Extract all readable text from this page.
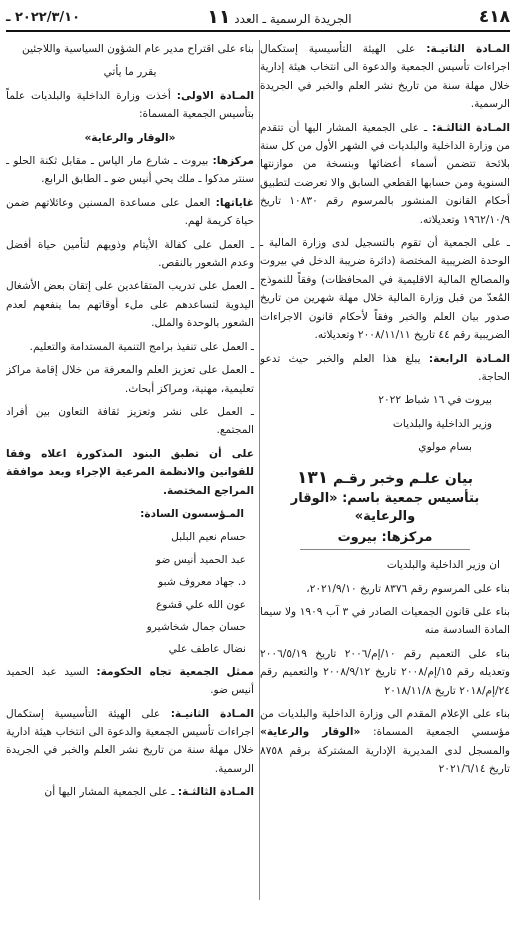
٢٠٢٢/٣/١٠ ـ	الجريدة الرسمية ـ العدد ١١	٤١٨

المـادة الثانيـة: على الهيئة التأسيسية إستكمال اجراءات تأسيس الجمعية والدعوة الى انتخاب هيئة إدارية خلال مهلة سنة من تاريخ نشر العلم والخبر في الجريدة الرسمية.

المـادة الثالثـة: ـ على الجمعية المشار اليها أن تتقدم من وزارة الداخلية والبلديات في الشهر الأول من كل سنة بلائحة تتضمن أسماء أعضائها وبنسخة من موازنتها السنوية ومن حسابها القطعي السابق والا تعرضت لتطبيق أحكام القانون المنشور بالمرسوم رقم ١٠٨٣٠ تاريخ ١٩٦٢/١٠/٩ وتعديلاته.

ـ على الجمعية أن تقوم بالتسجيل لدى وزارة المالية ـ الوحدة الضريبية المختصة (دائرة ضريبة الدخل في بيروت والمصالح المالية الاقليمية في المحافظات) وفقاً للنموذج المُعدّ من قبل وزارة المالية خلال مهلة شهرين من تاريخ صدور بيان العلم والخبر وفقاً لأحكام قانون الاجراءات الضريبية رقم ٤٤ تاريخ ٢٠٠٨/١١/١١ وتعديلاته.

المـادة الرابعة: يبلغ هذا العلم والخبر حيث تدعو الحاجة.

بيروت في ١٦ شباط ٢٠٢٢

وزير الداخلية والبلديات

بسام مولوي

بيان علـم وخبر رقـم ١٣١
بتأسيس جمعية باسم: «الوقار والرعاية»
مركزها: بيروت

ان وزير الداخلية والبلديات

بناء على المرسوم رقم ٨٣٧٦ تاريخ ٢٠٢١/٩/١٠،

بناء على قانون الجمعيات الصادر في ٣ آب ١٩٠٩ ولا سيما المادة السادسة منه

بناء على التعميم رقم ١٠/إم/٢٠٠٦ تاريخ ٢٠٠٦/٥/١٩ وتعديله رقم ١٥/إم/٢٠٠٨ تاريخ ٢٠٠٨/٩/١٢ والتعميم رقم ٢٤/إم/٢٠١٨ تاريخ ٢٠١٨/١١/٨

بناء على الإعلام المقدم الى وزارة الداخلية والبلديات من مؤسسي الجمعية المسماة: «الوقار والرعاية» والمسجل لدى المديرية الإدارية المشتركة برقم ٨٧٥٨ تاريخ ٢٠٢١/٦/١٤

بناء على اقتراح مدير عام الشؤون السياسية واللاجئين

يقرر ما يأتي

المـادة الاولى: أخذت وزارة الداخلية والبلديات علماً بتأسيس الجمعية المسماة:

«الوقار والرعاية»

مركزها: بيروت ـ شارع مار الياس ـ مقابل ثكنة الحلو ـ سنتر مدكوا ـ ملك يحي أنيس ضو ـ الطابق الرابع.

غاياتها: العمل على مساعدة المسنين وعائلاتهم ضمن حياة كريمة لهم.

ـ العمل على كفالة الأيتام وذويهم لتأمين حياة أفضل وعدم الشعور بالنقص.

ـ العمل على تدريب المتقاعدين على إتقان بعض الأشغال اليدوية لتساعدهم على ملء أوقاتهم بما ينفعهم لعدم الشعور بالوحدة والملل.

ـ العمل على تنفيذ برامج التنمية المستدامة والتعليم.

ـ العمل على تعزيز العلم والمعرفة من خلال إقامة مراكز تعليمية، مهنية، ومراكز أبحاث.

ـ العمل على نشر وتعزيز ثقافة التعاون بين أفراد المجتمع.

على أن تطبق البنود المذكورة اعلاه وفقا للقوانين والانظمة المرعية الإجراء وبعد موافقة المراجع المختصة.

المـؤسسون السادة:

حسام نعيم البلبل

عبد الحميد أنيس ضو

د. جهاد معروف شبو

عون الله علي قشوع

حسان جمال شخاشيرو

نضال عاطف علي

ممثل الجمعية تجاه الحكومة: السيد عبد الحميد أنيس ضو.

المـادة الثانيـة: على الهيئة التأسيسية إستكمال اجراءات تأسيس الجمعية والدعوة الى انتخاب هيئة ادارية خلال مهلة سنة من تاريخ نشر العلم والخبر في الجريدة الرسمية.

المـادة الثالثـة: ـ على الجمعية المشار اليها أن
